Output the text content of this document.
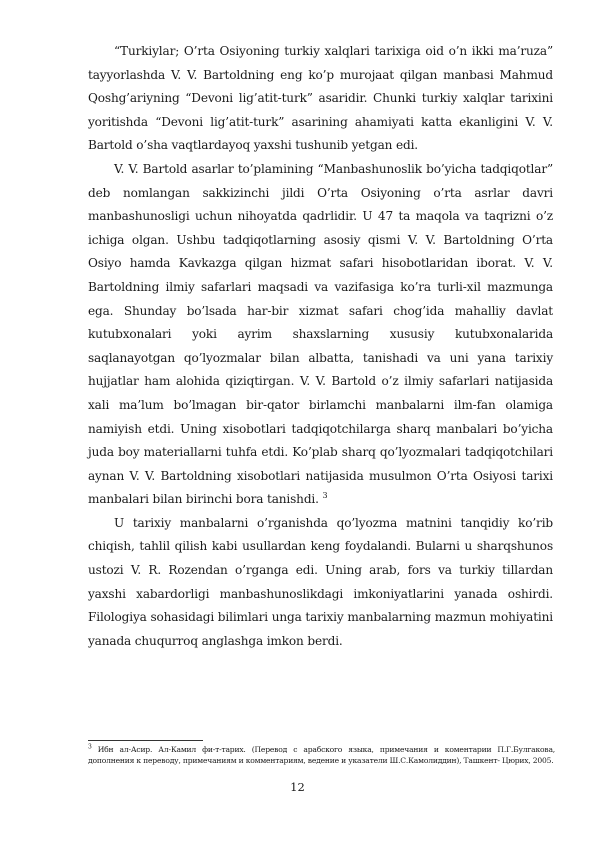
“Turkiylar; O’rta Osiyoning turkiy xalqlari tarixiga oid o’n ikki ma’ruza” tayyorlashda V. V. Bartoldning eng ko’p murojaat qilgan manbasi Mahmud Qoshg’ariyning “Devoni lig’atit-turk” asaridir. Chunki turkiy xalqlar tarixini yoritishda “Devoni lig’atit-turk” asarining ahamiyati katta ekanligini V. V. Bartold o’sha vaqtlardayoq yaxshi tushunib yetgan edi.

V. V. Bartold asarlar to’plamining “Manbashunoslik bo’yicha tadqiqotlar” deb nomlangan sakkizinchi jildi O’rta Osiyoning o’rta asrlar davri manbashunosligi uchun nihoyatda qadrlidir. U 47 ta maqola va taqrizni o’z ichiga olgan. Ushbu tadqiqotlarning asosiy qismi V. V. Bartoldning O’rta Osiyo hamda Kavkazga qilgan hizmat safari hisobotlaridan iborat. V. V. Bartoldning ilmiy safarlari maqsadi va vazifasiga ko’ra turli-xil mazmunga ega. Shunday bo’lsada har-bir xizmat safari chog’ida mahalliy davlat kutubxonalari yoki ayrim shaxslarning xususiy kutubxonalarida saqlanayotgan qo’lyozmalar bilan albatta, tanishadi va uni yana tarixiy hujjatlar ham alohida qiziqtirgan. V. V. Bartold o’z ilmiy safarlari natijasida xali ma’lum bo’lmagan bir-qator birlamchi manbalarni ilm-fan olamiga namiyish etdi. Uning xisobotlari tadqiqotchilarga sharq manbalari bo’yicha juda boy materiallarni tuhfa etdi. Ko’plab sharq qo’lyozmalari tadqiqotchilari aynan V. V. Bartoldning xisobotlari natijasida musulmon O’rta Osiyosi tarixi manbalari bilan birinchi bora tanishdi. $^3$

U tarixiy manbalarni o’rganishda qo’lyozma matnini tanqidiy ko’rib chiqish, tahlil qilish kabi usullardan keng foydalandi. Bularni u sharqshunos ustozi V. R. Rozendan o’rganga edi. Uning arab, fors va turkiy tillardan yaxshi xabardorligi manbashunoslikdagi imkoniyatlarini yanada oshirdi. Filologiya sohasidagi bilimlari unga tarixiy manbalarning mazmun mohiyatini yanada chuqurroq anglashga imkon berdi.

$^3$ Ибн ал-Асир. Ал-Камил фи-т-тарих. (Перевод с арабского языка, примечания и коментарии П.Г.Булгакова, дополнения к переводу, примечаниям и комментариям, ведение и указатели Ш.С.Камолиддин), Ташкент- Цюрих, 2005.
12
